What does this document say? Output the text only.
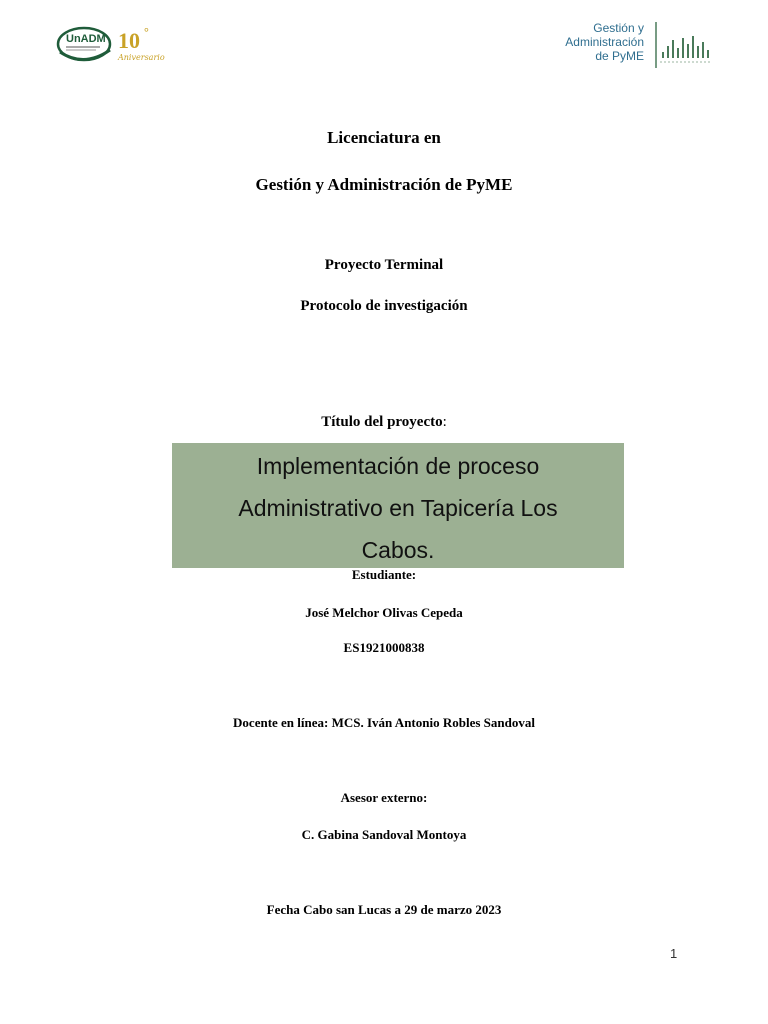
UnADM 10 °
Aniversario
Gestión y
Administración
de PyME
Licenciatura en
Gestión y Administración de PyME
Proyecto Terminal
Protocolo de investigación
Título del proyecto:
Implementación de proceso
Administrativo en Tapicería Los
Cabos.
Estudiante:
José Melchor Olivas Cepeda
ES1921000838
Docente en línea: MCS. Iván Antonio Robles Sandoval
Asesor externo:
C. Gabina Sandoval Montoya
Fecha Cabo san Lucas a 29 de marzo 2023
1
